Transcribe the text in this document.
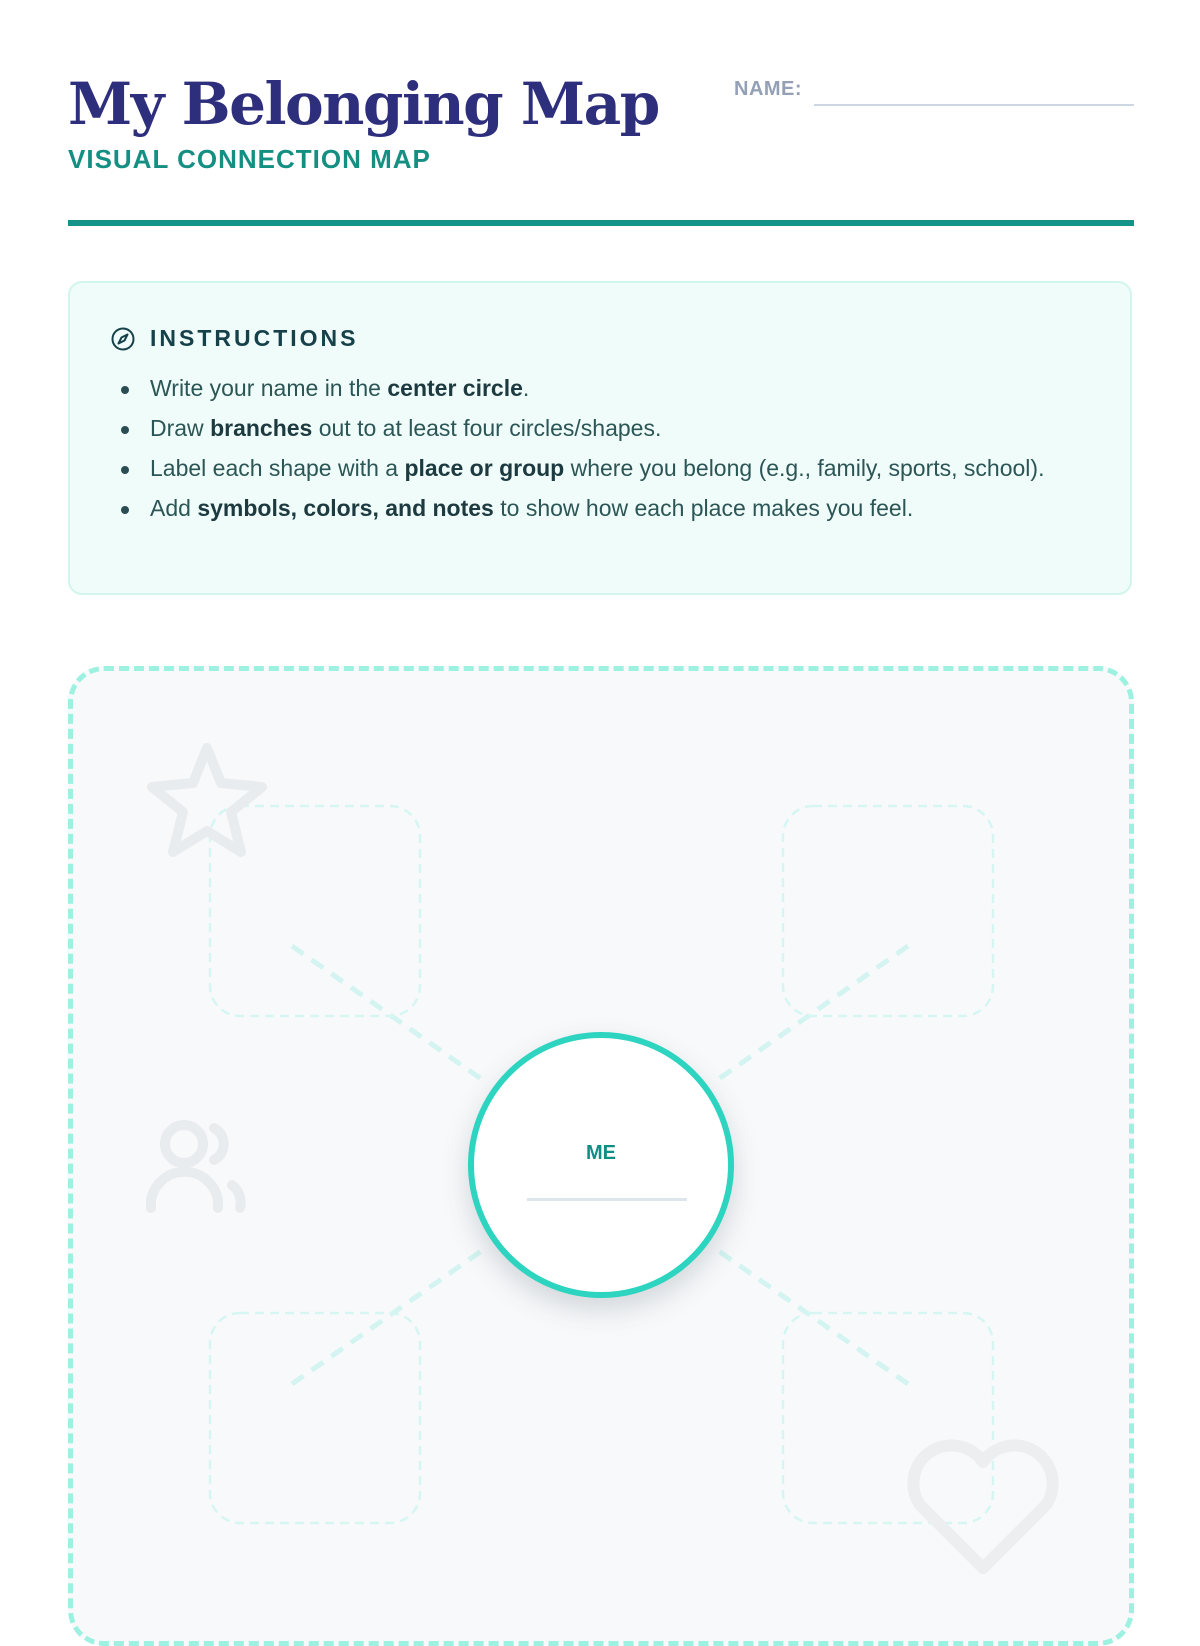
My Belonging Map
VISUAL CONNECTION MAP
NAME:
INSTRUCTIONS
Write your name in the center circle.
Draw branches out to at least four circles/shapes.
Label each shape with a place or group where you belong (e.g., family, sports, school).
Add symbols, colors, and notes to show how each place makes you feel.
ME
